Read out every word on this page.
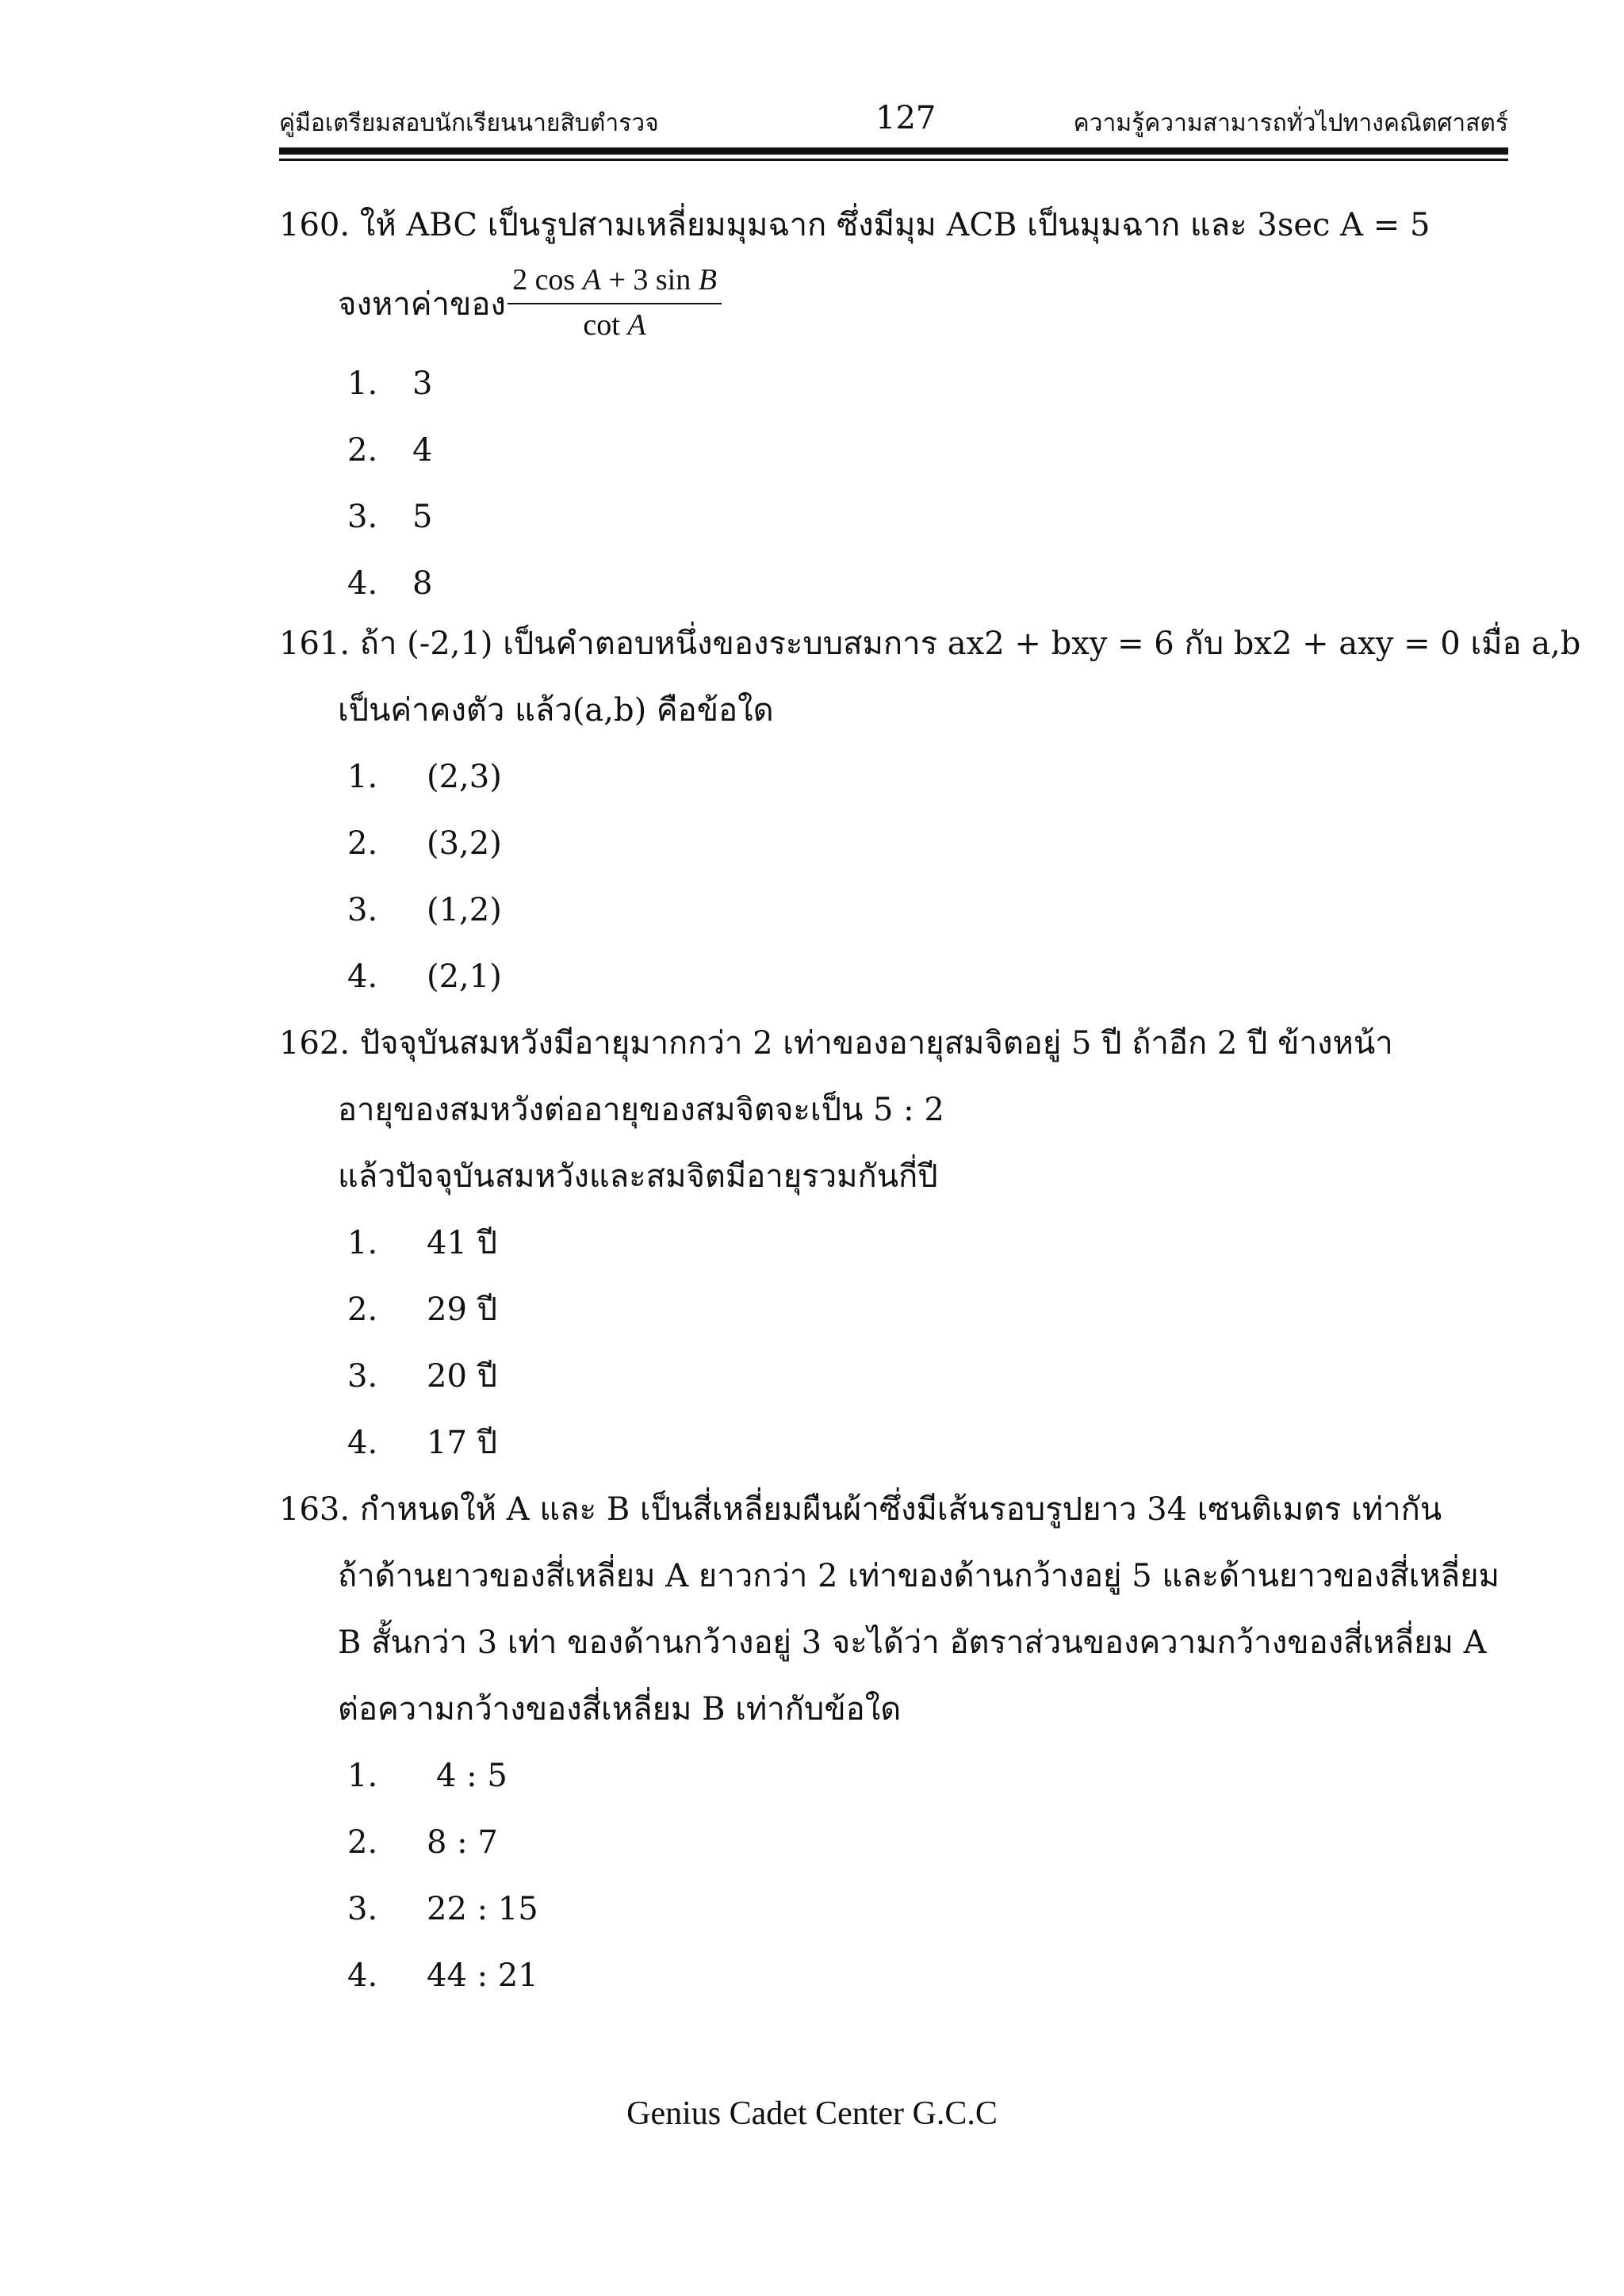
คู่มือเตรียมสอบนักเรียนนายสิบตำรวจ	127	ความรู้ความสามารถทั่วไปทางคณิตศาสตร์
160. ให้ ABC เป็นรูปสามเหลี่ยมมุมฉาก ซึ่งมีมุม ACB เป็นมุมฉาก และ 3sec A = 5
จงหาค่าของ $\frac{\text{2 cos A + 3 sin B}}{\text{cot A}}$
1. 3
2. 4
3. 5
4. 8
161. ถ้า (-2,1) เป็นคำตอบหนึ่งของระบบสมการ ax2 + bxy = 6 กับ bx2 + axy = 0 เมื่อ a,b
เป็นค่าคงตัว แล้ว(a,b) คือข้อใด
1. (2,3)
2. (3,2)
3. (1,2)
4. (2,1)
162. ปัจจุบันสมหวังมีอายุมากกว่า 2 เท่าของอายุสมจิตอยู่ 5 ปี ถ้าอีก 2 ปี ข้างหน้า
อายุของสมหวังต่ออายุของสมจิตจะเป็น 5 : 2
แล้วปัจจุบันสมหวังและสมจิตมีอายุรวมกันกี่ปี
1. 41 ปี
2. 29 ปี
3. 20 ปี
4. 17 ปี
163. กำหนดให้ A และ B เป็นสี่เหลี่ยมผืนผ้าซึ่งมีเส้นรอบรูปยาว 34 เซนติเมตร เท่ากัน
ถ้าด้านยาวของสี่เหลี่ยม A ยาวกว่า 2 เท่าของด้านกว้างอยู่ 5 และด้านยาวของสี่เหลี่ยม
B สั้นกว่า 3 เท่า ของด้านกว้างอยู่ 3 จะได้ว่า อัตราส่วนของความกว้างของสี่เหลี่ยม A
ต่อความกว้างของสี่เหลี่ยม B เท่ากับข้อใด
1. 4 : 5
2. 8 : 7
3. 22 : 15
4. 44 : 21
Genius Cadet Center G.C.C
